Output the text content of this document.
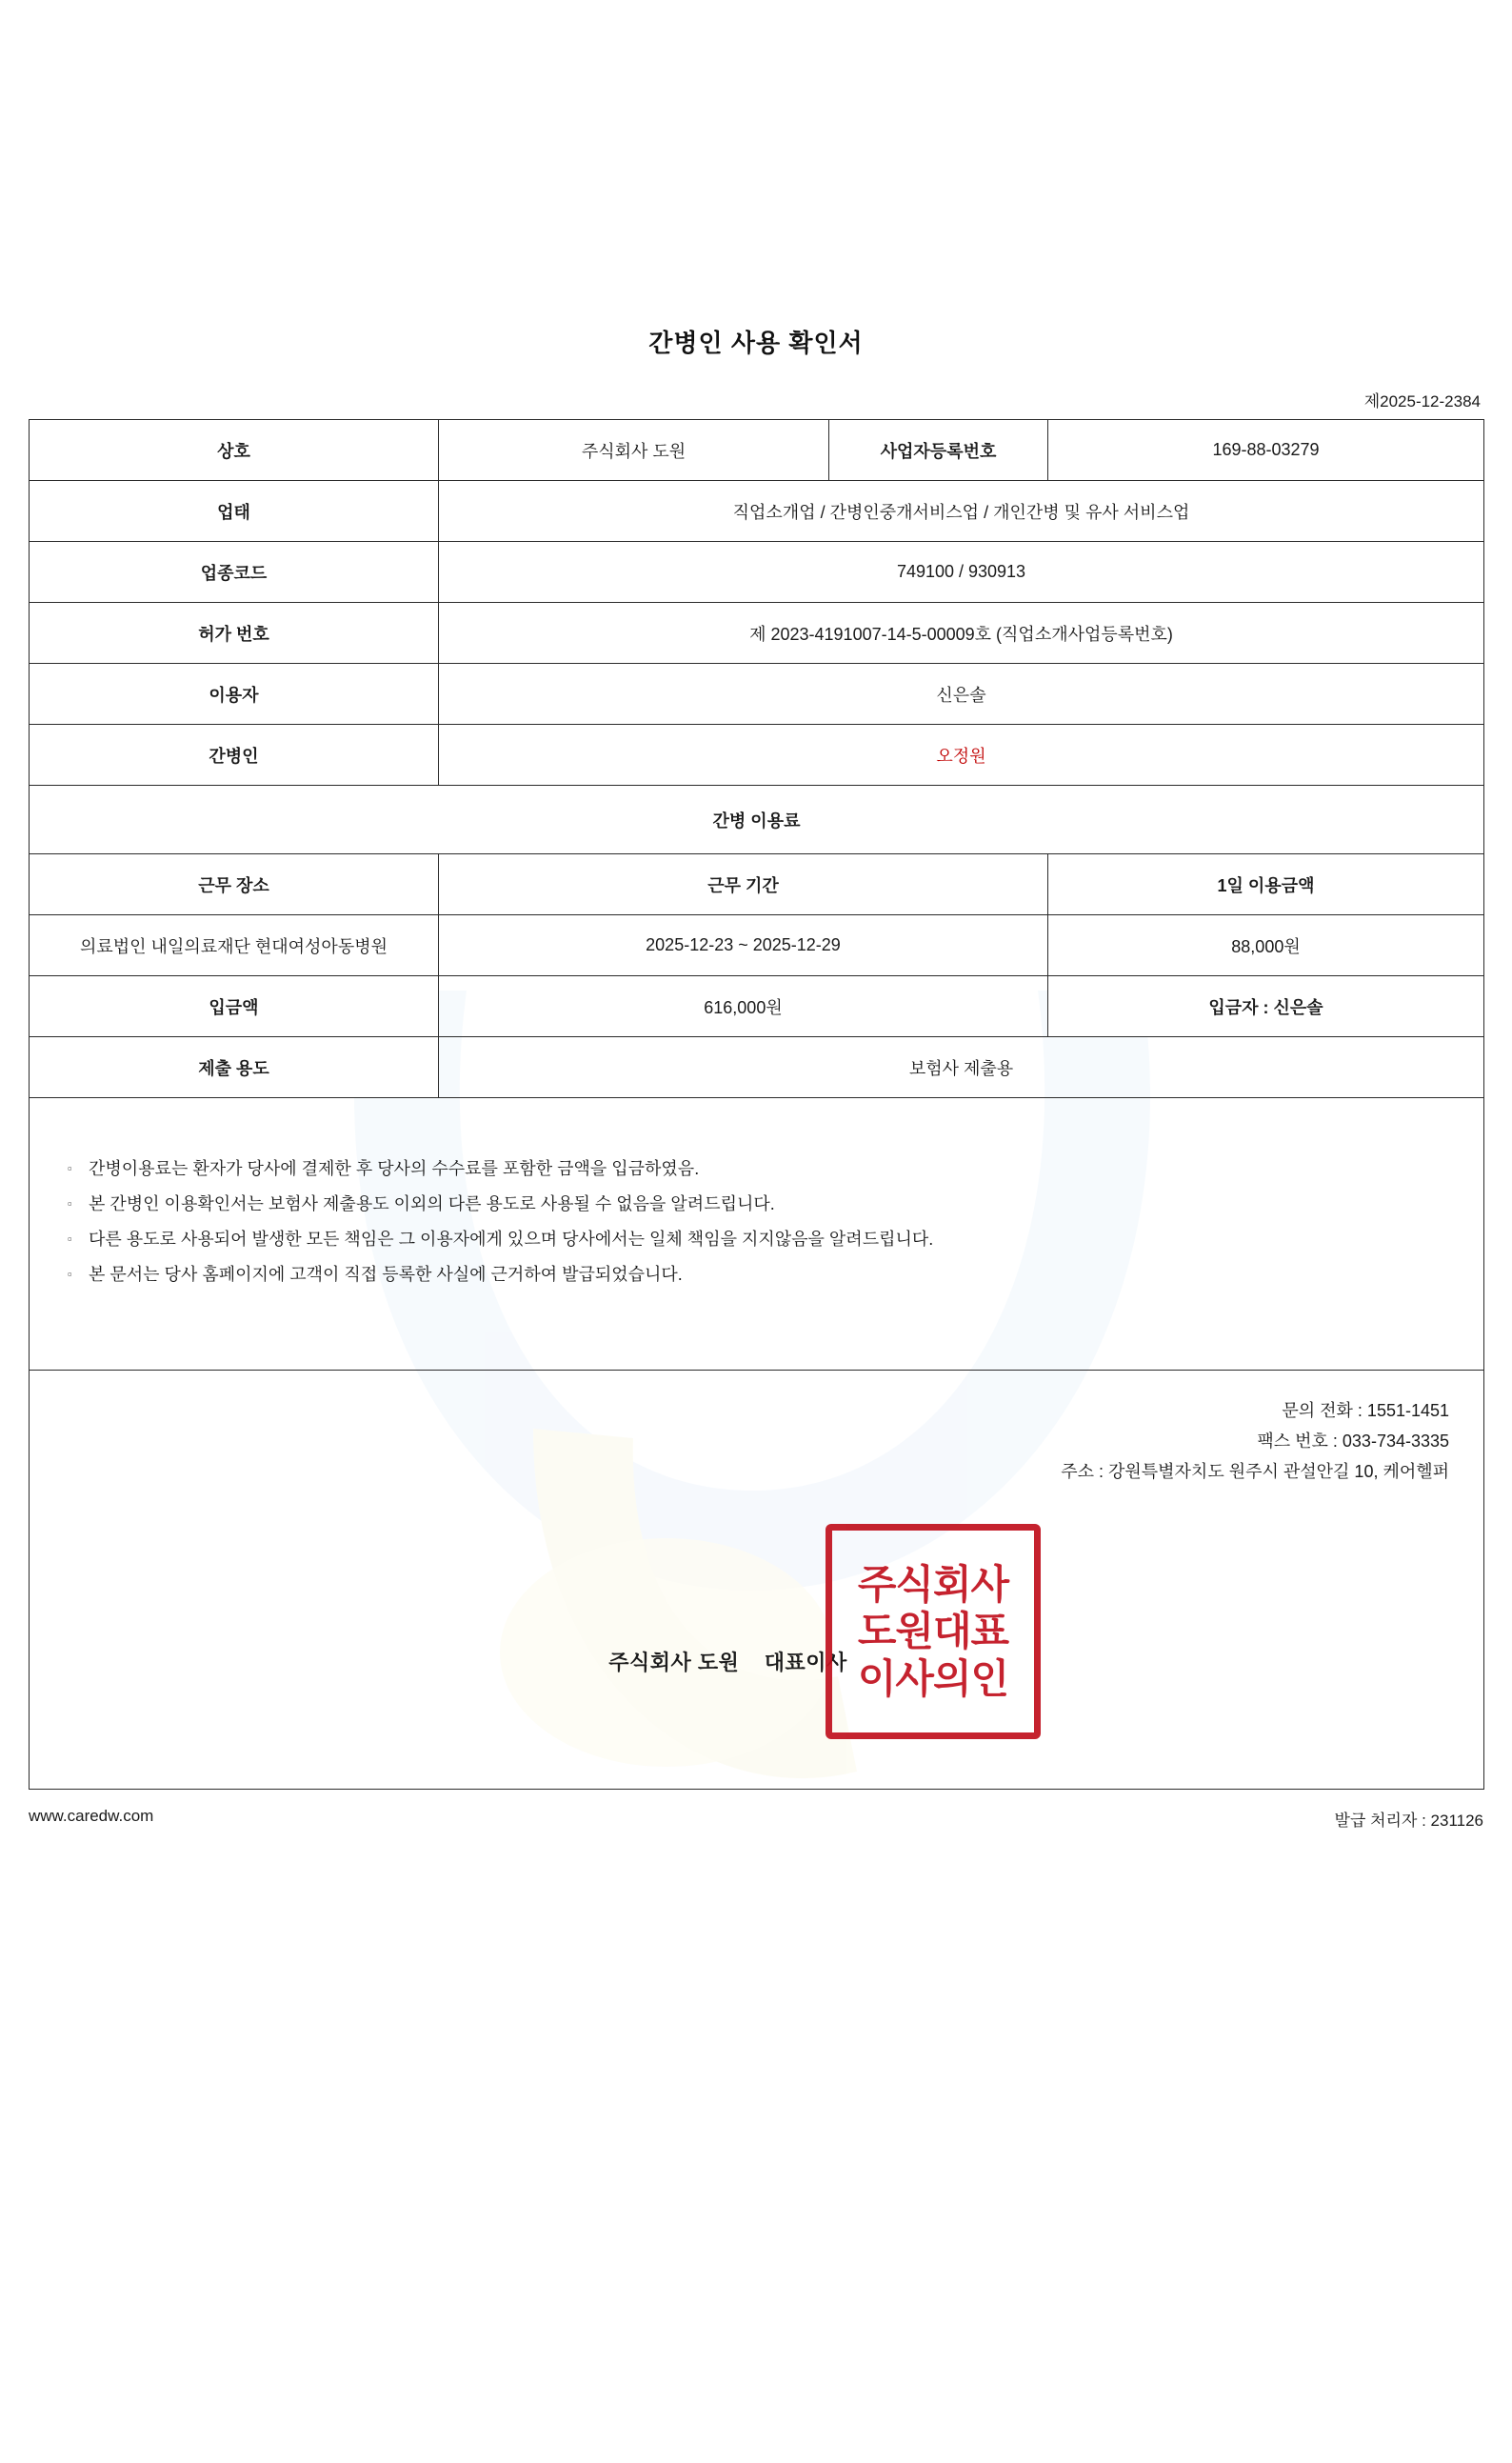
간병인 사용 확인서
제2025-12-2384
상호	주식회사 도원	사업자등록번호	169-88-03279
업태	직업소개업 / 간병인중개서비스업 / 개인간병 및 유사 서비스업		
업종코드	749100 / 930913		
허가 번호	제 2023-4191007-14-5-00009호 (직업소개사업등록번호)		
이용자	신은솔		
간병인	오정원		
간병 이용료			
근무 장소	근무 기간		1일 이용금액
의료법인 내일의료재단 현대여성아동병원	2025-12-23 ~ 2025-12-29		88,000원
입금액	616,000원		입금자 : 신은솔
제출 용도	보험사 제출용		

▫ 간병이용료는 환자가 당사에 결제한 후 당사의 수수료를 포함한 금액을 입금하였음.
▫ 본 간병인 이용확인서는 보험사 제출용도 이외의 다른 용도로 사용될 수 없음을 알려드립니다.
▫ 다른 용도로 사용되어 발생한 모든 책임은 그 이용자에게 있으며 당사에서는 일체 책임을 지지않음을 알려드립니다.
▫ 본 문서는 당사 홈페이지에 고객이 직접 등록한 사실에 근거하여 발급되었습니다.			

문의 전화 : 1551-1451
팩스 번호 : 033-734-3335
주소 : 강원특별자치도 원주시 관설안길 10, 케어헬퍼
주식회사 도원    대표이사
주식회사
도원대표
이사의인
www.caredw.com	발급 처리자 : 231126
